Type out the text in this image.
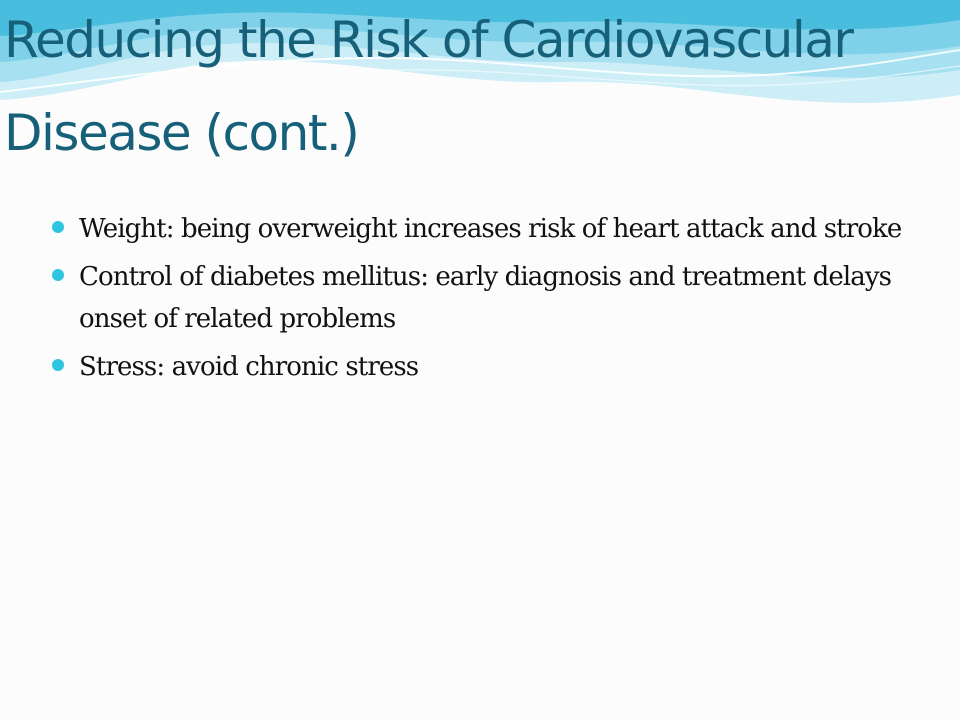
Reducing the Risk of Cardiovascular
Disease (cont.)
Weight: being overweight increases risk of heart attack and stroke
Control of diabetes mellitus: early diagnosis and treatment delays onset of related problems
Stress: avoid chronic stress
